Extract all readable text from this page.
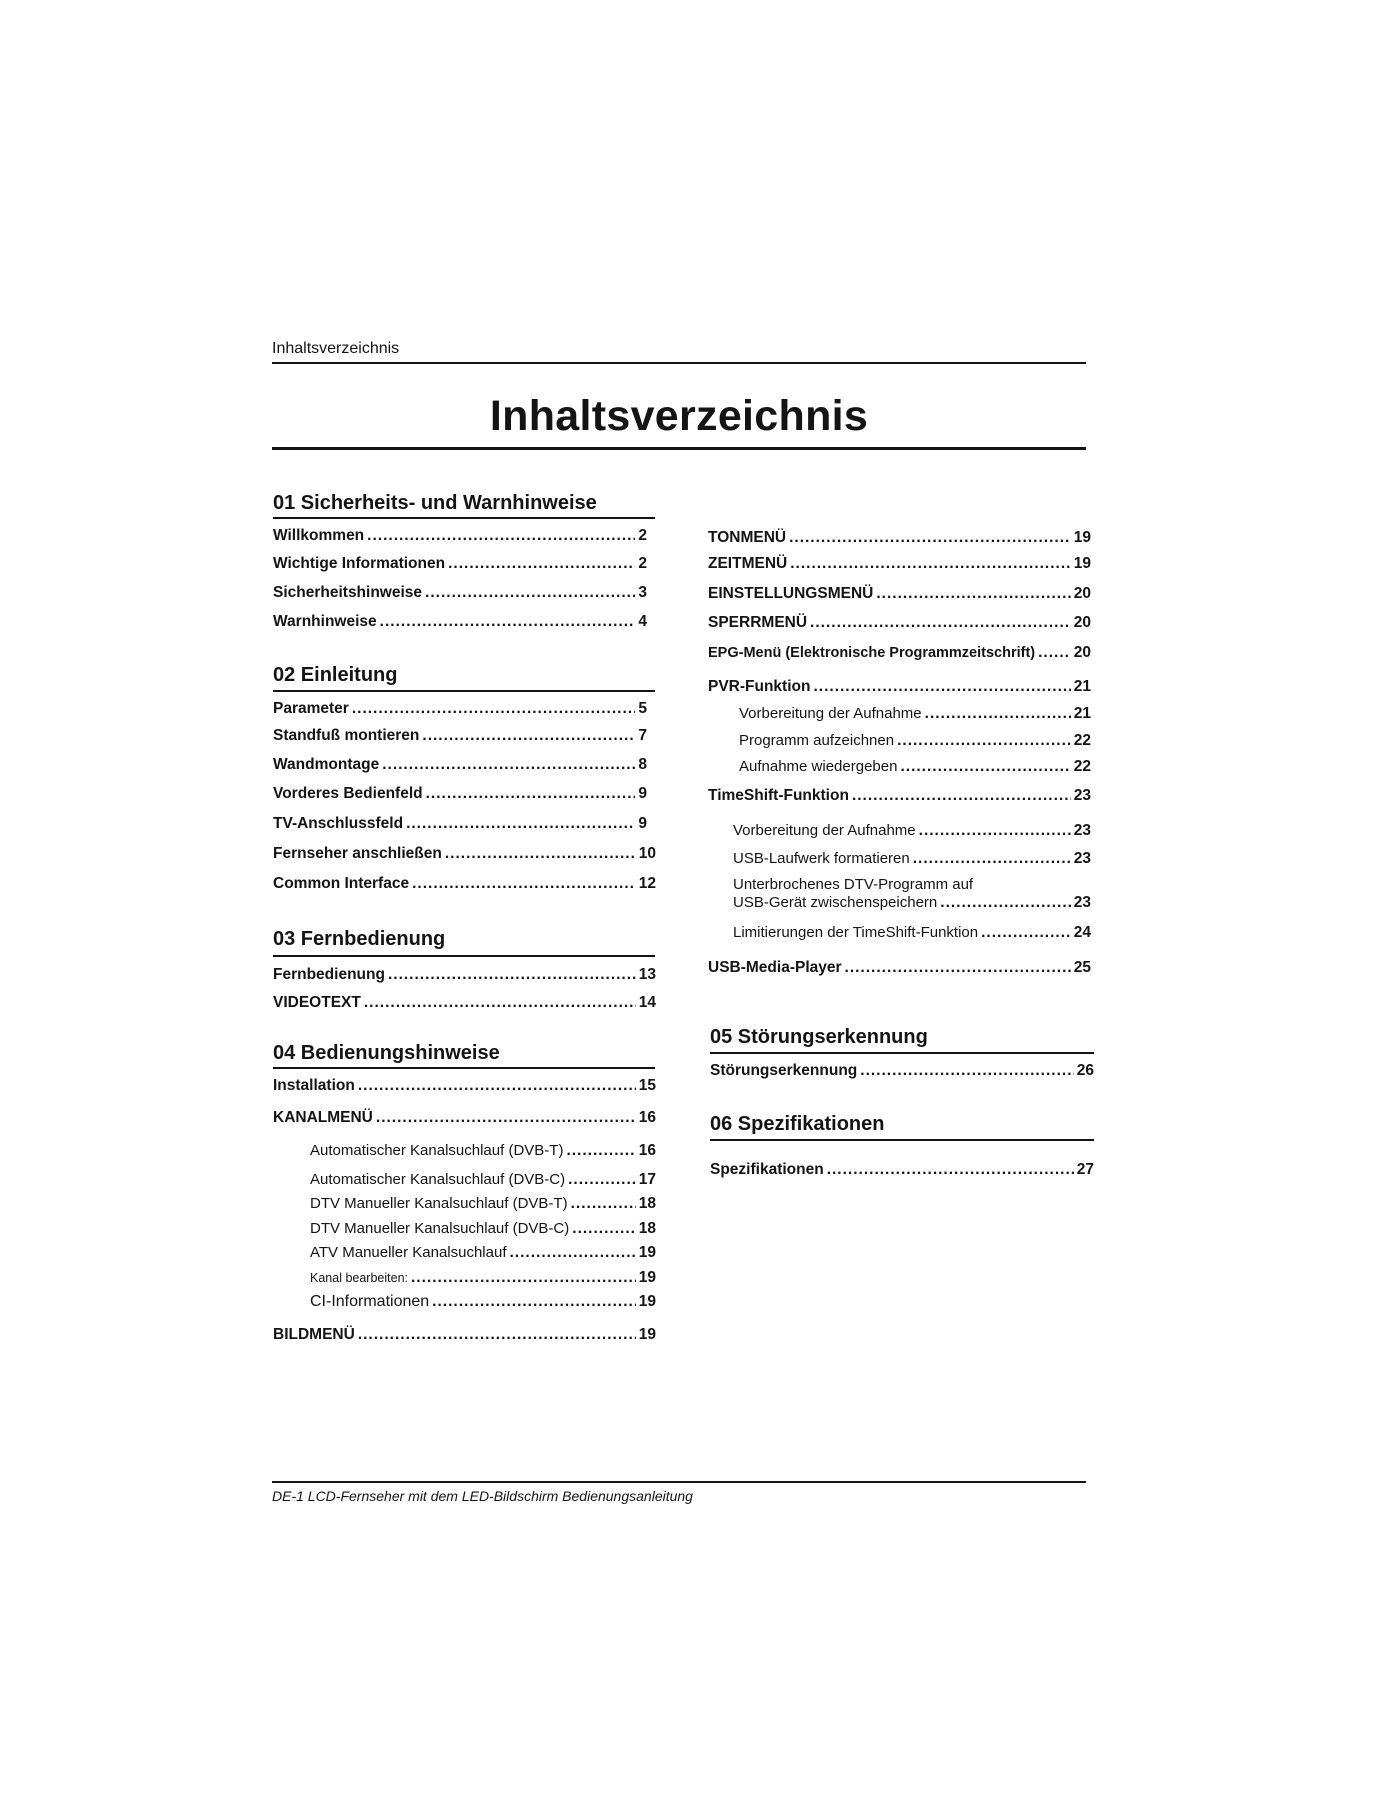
Inhaltsverzeichnis
Inhaltsverzeichnis
01 Sicherheits- und Warnhinweise
Willkommen .....	2
Wichtige Informationen .....	2
Sicherheitshinweise .....	3
Warnhinweise .....	4
02 Einleitung
Parameter .....	5
Standfuß montieren .....	7
Wandmontage .....	8
Vorderes Bedienfeld .....	9
TV-Anschlussfeld .....	9
Fernseher anschließen .....	10
Common Interface .....	12
03 Fernbedienung
Fernbedienung .....	13
VIDEOTEXT .....	14
04 Bedienungshinweise
Installation .....	15
KANALMENÜ .....	16
Automatischer Kanalsuchlauf (DVB-T) .....	16
Automatischer Kanalsuchlauf (DVB-C) .....	17
DTV Manueller Kanalsuchlauf (DVB-T) .....	18
DTV Manueller Kanalsuchlauf (DVB-C) .....	18
ATV Manueller Kanalsuchlauf .....	19
Kanal bearbeiten: .....	19
CI-Informationen .....	19
BILDMENÜ .....	19
TONMENÜ .....	19
ZEITMENÜ .....	19
EINSTELLUNGSMENÜ .....	20
SPERRMENÜ .....	20
EPG-Menü (Elektronische Programmzeitschrift) ..... 20
PVR-Funktion .....	21
Vorbereitung der Aufnahme .....	21
Programm aufzeichnen .....	22
Aufnahme wiedergeben .....	22
TimeShift-Funktion .....	23
Vorbereitung der Aufnahme .....	23
USB-Laufwerk formatieren .....	23
Unterbrochenes DTV-Programm auf
USB-Gerät zwischenspeichern .....	23
Limitierungen der TimeShift-Funktion .....	24
USB-Media-Player .....	25
05 Störungserkennung
Störungserkennung .....	26
06 Spezifikationen
Spezifikationen .....	27
DE-1 LCD-Fernseher mit dem LED-Bildschirm Bedienungsanleitung
